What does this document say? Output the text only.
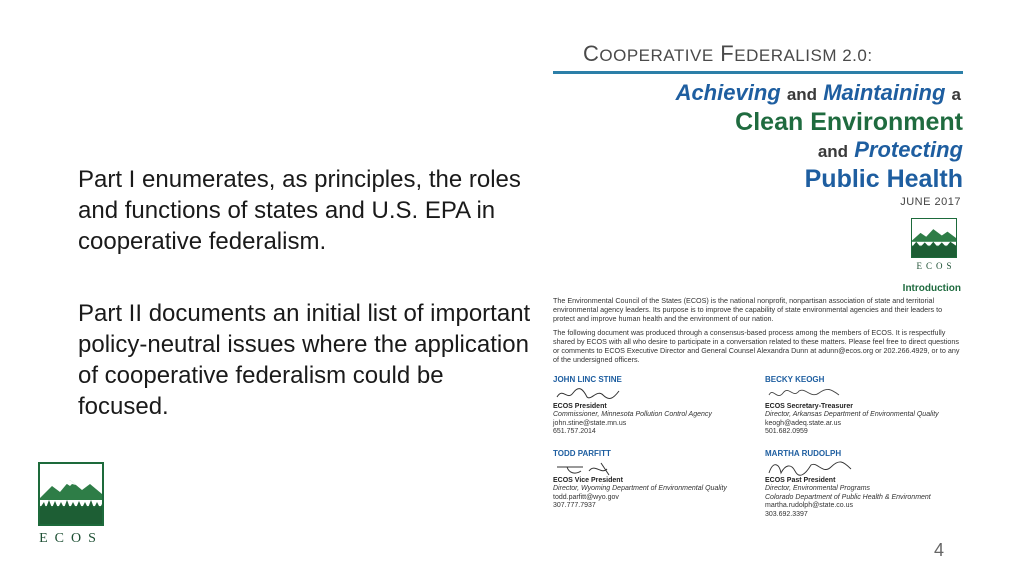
Part I enumerates, as principles, the roles and functions of states and U.S. EPA in cooperative federalism.
Part II documents an initial list of important policy-neutral issues where the application of cooperative federalism could be focused.
ECOS
COOPERATIVE FEDERALISM 2.0:
Achieving and Maintaining a
Clean Environment
and Protecting
Public Health
JUNE 2017
ECOS
Introduction
The Environmental Council of the States (ECOS) is the national nonprofit, nonpartisan association of state and territorial environmental agency leaders. Its purpose is to improve the capability of state environmental agencies and their leaders to protect and improve human health and the environment of our nation.
The following document was produced through a consensus-based process among the members of ECOS. It is respectfully shared by ECOS with all who desire to participate in a conversation related to these matters. Please feel free to direct questions or comments to ECOS Executive Director and General Counsel Alexandra Dunn at adunn@ecos.org or 202.266.4929, or to any of the undersigned officers.
JOHN LINC STINE
ECOS President
Commissioner, Minnesota Pollution Control Agency
john.stine@state.mn.us
651.757.2014
BECKY KEOGH
ECOS Secretary-Treasurer
Director, Arkansas Department of Environmental Quality
keogh@adeq.state.ar.us
501.682.0959
TODD PARFITT
ECOS Vice President
Director, Wyoming Department of Environmental Quality
todd.parfitt@wyo.gov
307.777.7937
MARTHA RUDOLPH
ECOS Past President
Director, Environmental Programs
Colorado Department of Public Health & Environment
martha.rudolph@state.co.us
303.692.3397
4
